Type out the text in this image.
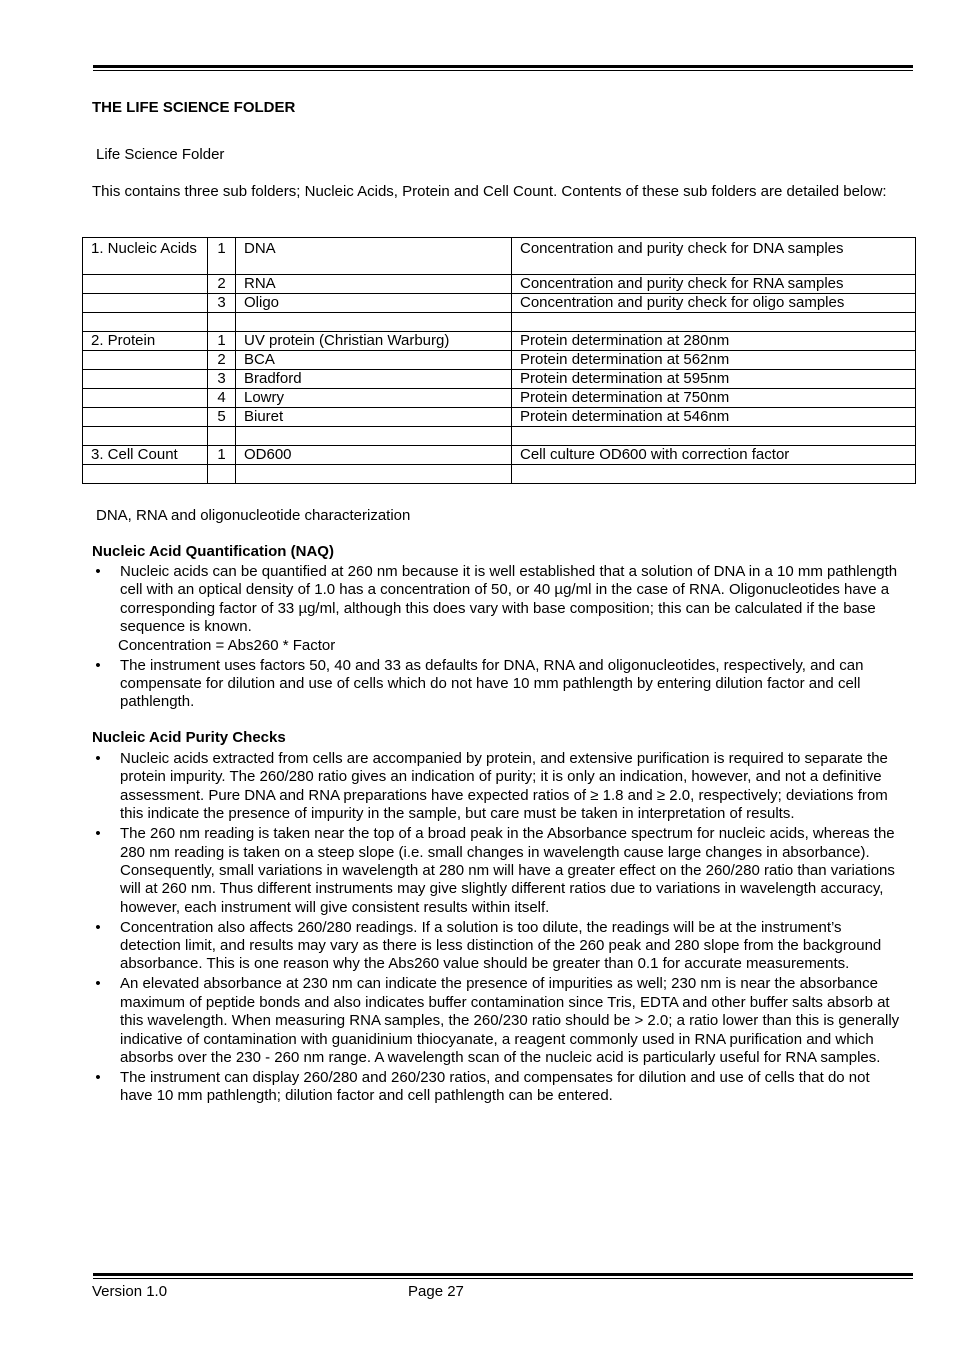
THE LIFE SCIENCE FOLDER
Life Science Folder
This contains three sub folders; Nucleic Acids, Protein and Cell Count. Contents of these sub folders are detailed below:
1. Nucleic Acids	1	DNA	Concentration and purity check for DNA samples
	2	RNA	Concentration and purity check for RNA samples
	3	Oligo	Concentration and purity check for oligo samples

2. Protein	1	UV protein (Christian Warburg)	Protein determination at 280nm
	2	BCA	Protein determination at 562nm
	3	Bradford	Protein determination at 595nm
	4	Lowry	Protein determination at 750nm
	5	Biuret	Protein determination at 546nm

3. Cell Count	1	OD600	Cell culture OD600 with correction factor

DNA, RNA and oligonucleotide characterization
Nucleic Acid Quantification (NAQ)
• Nucleic acids can be quantified at 260 nm because it is well established that a solution of DNA in a 10 mm pathlength cell with an optical density of 1.0 has a concentration of 50, or 40 µg/ml in the case of RNA. Oligonucleotides have a corresponding factor of 33 µg/ml, although this does vary with base composition; this can be calculated if the base sequence is known.
Concentration = Abs260 * Factor
• The instrument uses factors 50, 40 and 33 as defaults for DNA, RNA and oligonucleotides, respectively, and can compensate for dilution and use of cells which do not have 10 mm pathlength by entering dilution factor and cell pathlength.
Nucleic Acid Purity Checks
• Nucleic acids extracted from cells are accompanied by protein, and extensive purification is required to separate the protein impurity. The 260/280 ratio gives an indication of purity; it is only an indication, however, and not a definitive assessment. Pure DNA and RNA preparations have expected ratios of ≥ 1.8 and ≥ 2.0, respectively; deviations from this indicate the presence of impurity in the sample, but care must be taken in interpretation of results.
• The 260 nm reading is taken near the top of a broad peak in the Absorbance spectrum for nucleic acids, whereas the 280 nm reading is taken on a steep slope (i.e. small changes in wavelength cause large changes in absorbance). Consequently, small variations in wavelength at 280 nm will have a greater effect on the 260/280 ratio than variations will at 260 nm. Thus different instruments may give slightly different ratios due to variations in wavelength accuracy, however, each instrument will give consistent results within itself.
• Concentration also affects 260/280 readings. If a solution is too dilute, the readings will be at the instrument’s detection limit, and results may vary as there is less distinction of the 260 peak and 280 slope from the background absorbance. This is one reason why the Abs260 value should be greater than 0.1 for accurate measurements.
• An elevated absorbance at 230 nm can indicate the presence of impurities as well; 230 nm is near the absorbance maximum of peptide bonds and also indicates buffer contamination since Tris, EDTA and other buffer salts absorb at this wavelength. When measuring RNA samples, the 260/230 ratio should be > 2.0; a ratio lower than this is generally indicative of contamination with guanidinium thiocyanate, a reagent commonly used in RNA purification and which absorbs over the 230 - 260 nm range. A wavelength scan of the nucleic acid is particularly useful for RNA samples.
• The instrument can display 260/280 and 260/230 ratios, and compensates for dilution and use of cells that do not have 10 mm pathlength; dilution factor and cell pathlength can be entered.
Version 1.0	Page 27
